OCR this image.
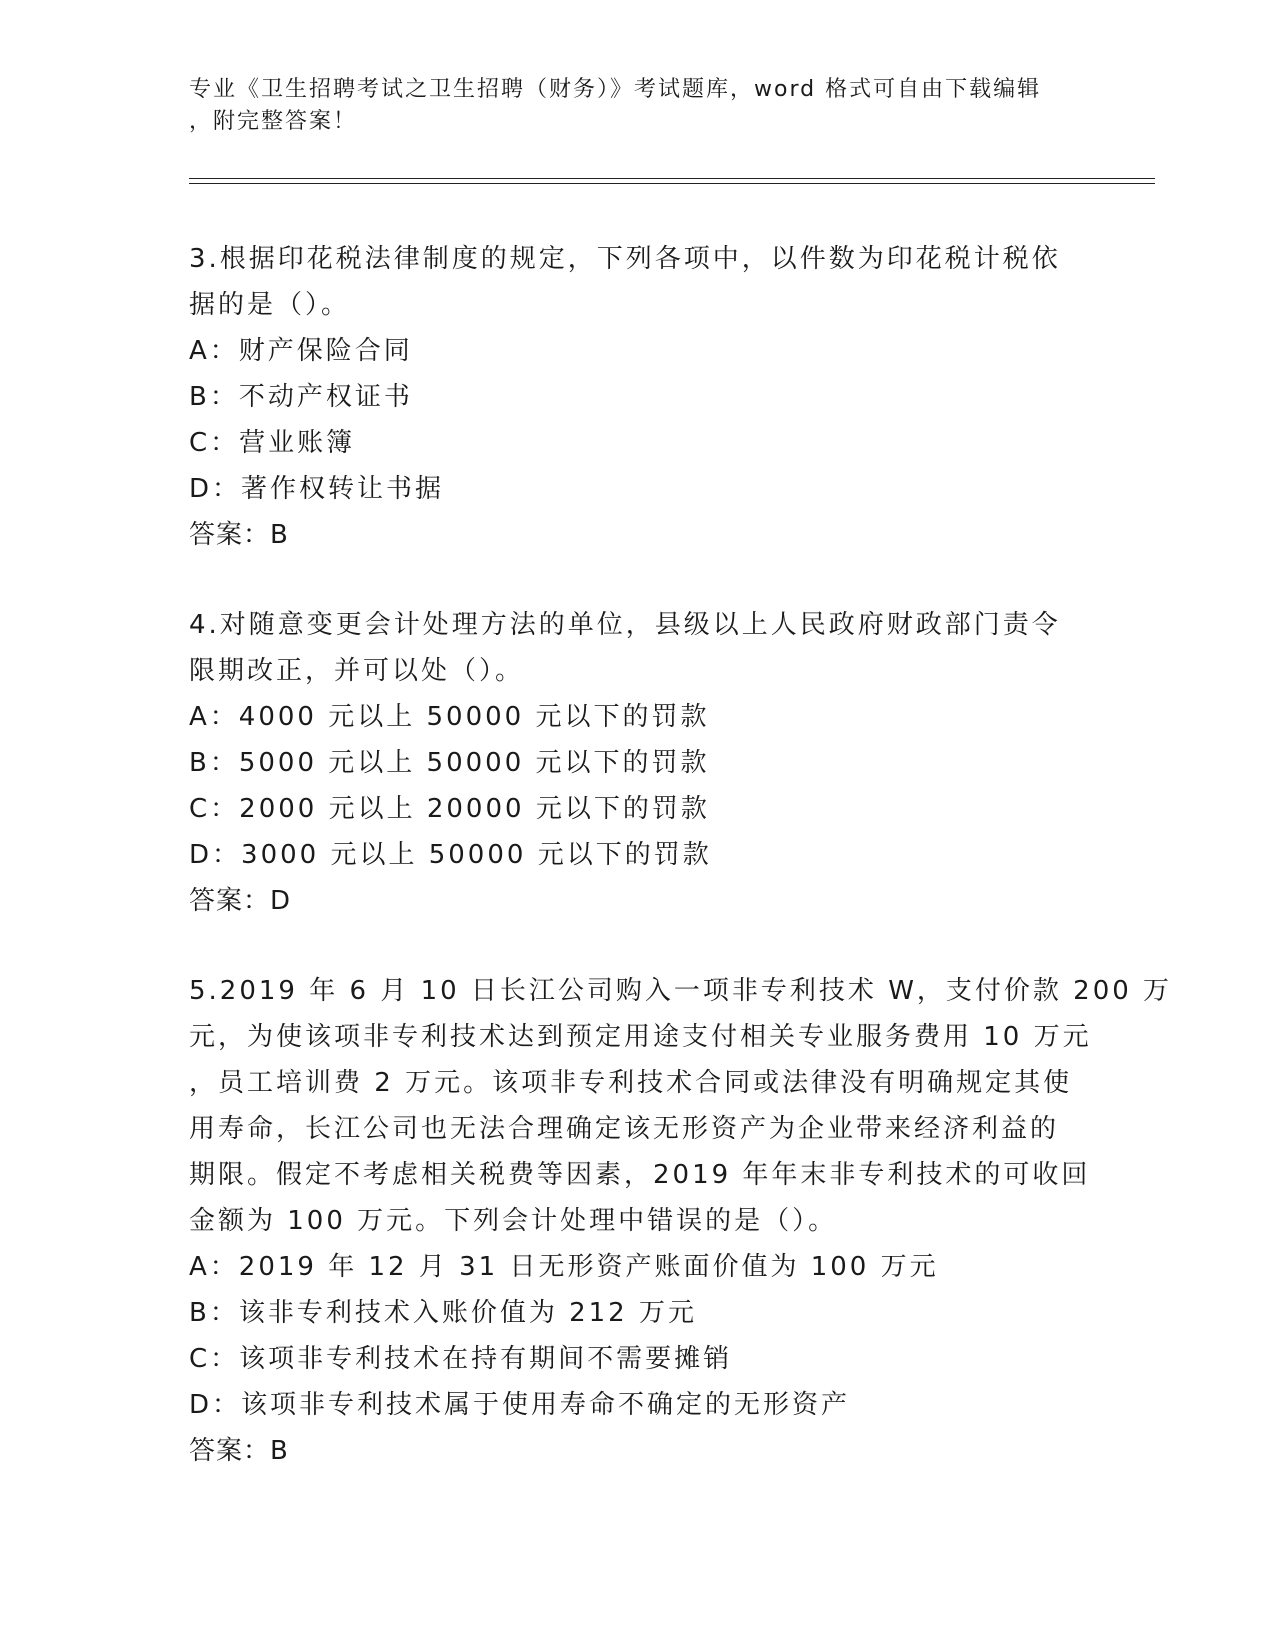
专业《卫生招聘考试之卫生招聘（财务）》考试题库，word 格式可自由下载编辑
，附完整答案！
3.根据印花税法律制度的规定，下列各项中，以件数为印花税计税依
据的是（）。
A：财产保险合同
B：不动产权证书
C：营业账簿
D：著作权转让书据
答案：B
4.对随意变更会计处理方法的单位，县级以上人民政府财政部门责令
限期改正，并可以处（）。
A：4000 元以上 50000 元以下的罚款
B：5000 元以上 50000 元以下的罚款
C：2000 元以上 20000 元以下的罚款
D：3000 元以上 50000 元以下的罚款
答案：D
5.2019 年 6 月 10 日长江公司购入一项非专利技术 W，支付价款 200 万
元，为使该项非专利技术达到预定用途支付相关专业服务费用 10 万元
，员工培训费 2 万元。该项非专利技术合同或法律没有明确规定其使
用寿命，长江公司也无法合理确定该无形资产为企业带来经济利益的
期限。假定不考虑相关税费等因素，2019 年年末非专利技术的可收回
金额为 100 万元。下列会计处理中错误的是（）。
A：2019 年 12 月 31 日无形资产账面价值为 100 万元
B：该非专利技术入账价值为 212 万元
C：该项非专利技术在持有期间不需要摊销
D：该项非专利技术属于使用寿命不确定的无形资产
答案：B
